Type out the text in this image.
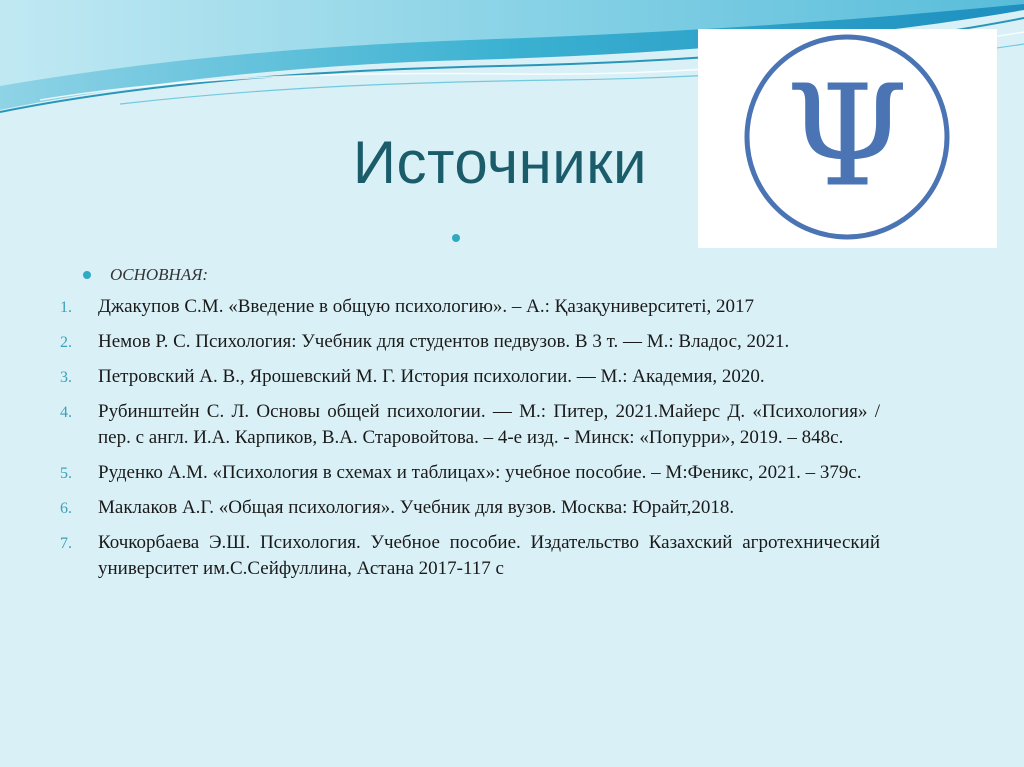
Источники Ψ
ОСНОВНАЯ:
1. Джакупов С.М. «Введение в общую психологию». – А.: Қазақуниверситеті, 2017
2. Немов Р. С. Психология: Учебник для студентов педвузов. В 3 т. — М.: Владос, 2021.
3. Петровский А. В., Ярошевский М. Г. История психологии. — М.: Академия, 2020.
4. Рубинштейн С. Л. Основы общей психологии. — М.: Питер, 2021.Майерс Д. «Психология» / пер. с англ. И.А. Карпиков, В.А. Старовойтова. – 4-е изд. - Минск: «Попурри», 2019. – 848с.
5. Руденко А.М. «Психология в схемах и таблицах»: учебное пособие. – М:Феникс, 2021. – 379с.
6. Маклаков А.Г. «Общая психология». Учебник для вузов. Москва: Юрайт,2018.
7. Кочкорбаева Э.Ш. Психология. Учебное пособие. Издательство Казахский агротехнический университет им.С.Сейфуллина, Астана 2017-117 с
